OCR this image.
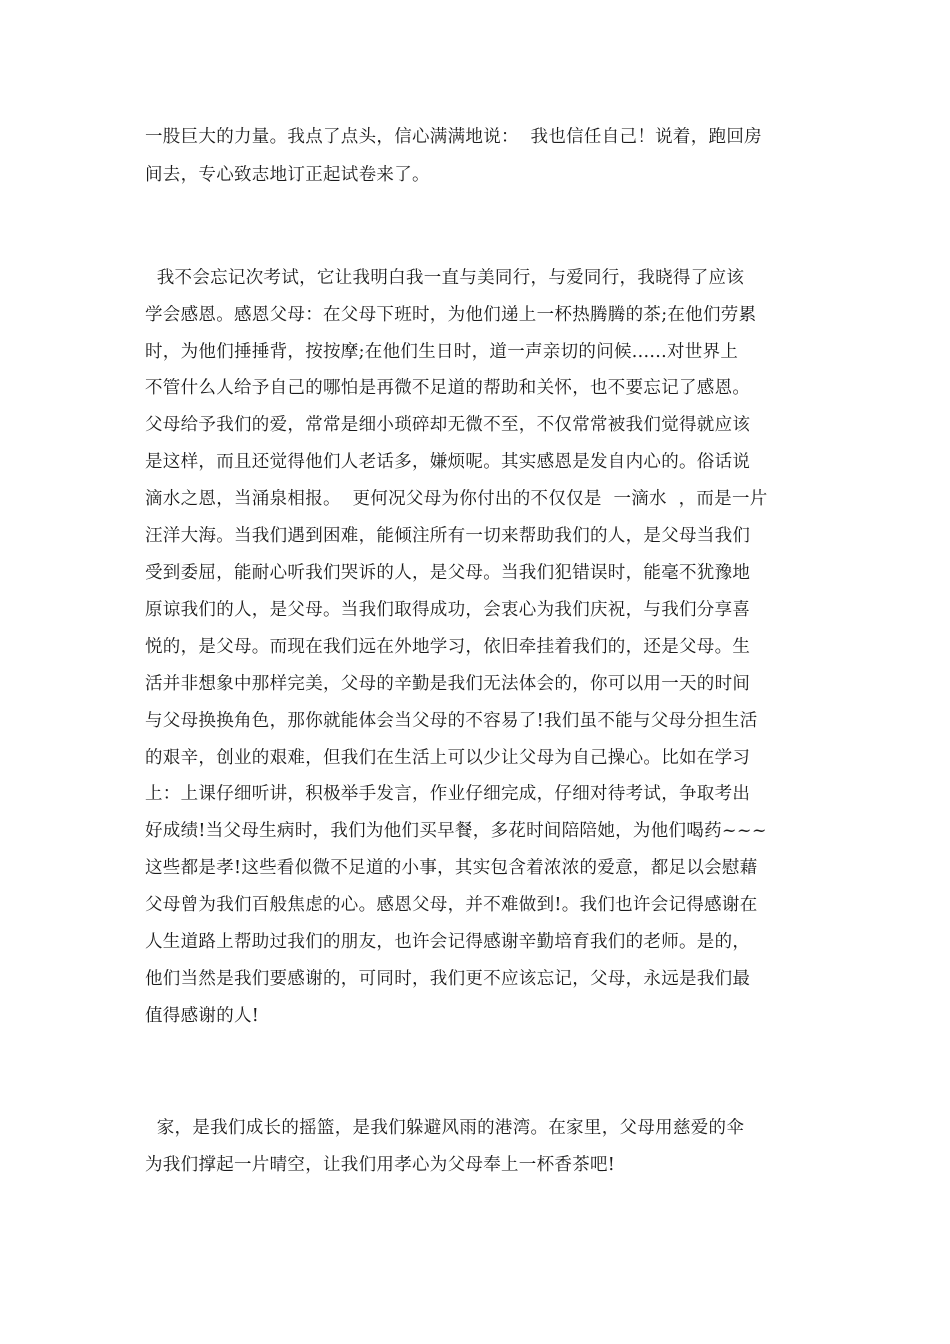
一股巨大的力量。我点了点头，信心满满地说：  我也信任自己！说着，跑回房
间去，专心致志地订正起试卷来了。
我不会忘记次考试，它让我明白我一直与美同行，与爱同行，我晓得了应该
学会感恩。感恩父母：在父母下班时，为他们递上一杯热腾腾的茶;在他们劳累
时，为他们捶捶背，按按摩;在他们生日时，道一声亲切的问候......对世界上
不管什么人给予自己的哪怕是再微不足道的帮助和关怀，也不要忘记了感恩。
父母给予我们的爱，常常是细小琐碎却无微不至，不仅常常被我们觉得就应该
是这样，而且还觉得他们人老话多，嫌烦呢。其实感恩是发自内心的。俗话说
滴水之恩，当涌泉相报。  更何况父母为你付出的不仅仅是  一滴水  ，而是一片
汪洋大海。当我们遇到困难，能倾注所有一切来帮助我们的人，是父母当我们
受到委屈，能耐心听我们哭诉的人，是父母。当我们犯错误时，能毫不犹豫地
原谅我们的人，是父母。当我们取得成功，会衷心为我们庆祝，与我们分享喜
悦的，是父母。而现在我们远在外地学习，依旧牵挂着我们的，还是父母。生
活并非想象中那样完美，父母的辛勤是我们无法体会的，你可以用一天的时间
与父母换换角色，那你就能体会当父母的不容易了!我们虽不能与父母分担生活
的艰辛，创业的艰难，但我们在生活上可以少让父母为自己操心。比如在学习
上：上课仔细听讲，积极举手发言，作业仔细完成，仔细对待考试，争取考出
好成绩!当父母生病时，我们为他们买早餐，多花时间陪陪她，为他们喝药~~~
这些都是孝!这些看似微不足道的小事，其实包含着浓浓的爱意，都足以会慰藉
父母曾为我们百般焦虑的心。感恩父母，并不难做到!。我们也许会记得感谢在
人生道路上帮助过我们的朋友，也许会记得感谢辛勤培育我们的老师。是的，
他们当然是我们要感谢的，可同时，我们更不应该忘记，父母，永远是我们最
值得感谢的人!
家，是我们成长的摇篮，是我们躲避风雨的港湾。在家里，父母用慈爱的伞
为我们撑起一片晴空，让我们用孝心为父母奉上一杯香茶吧!
